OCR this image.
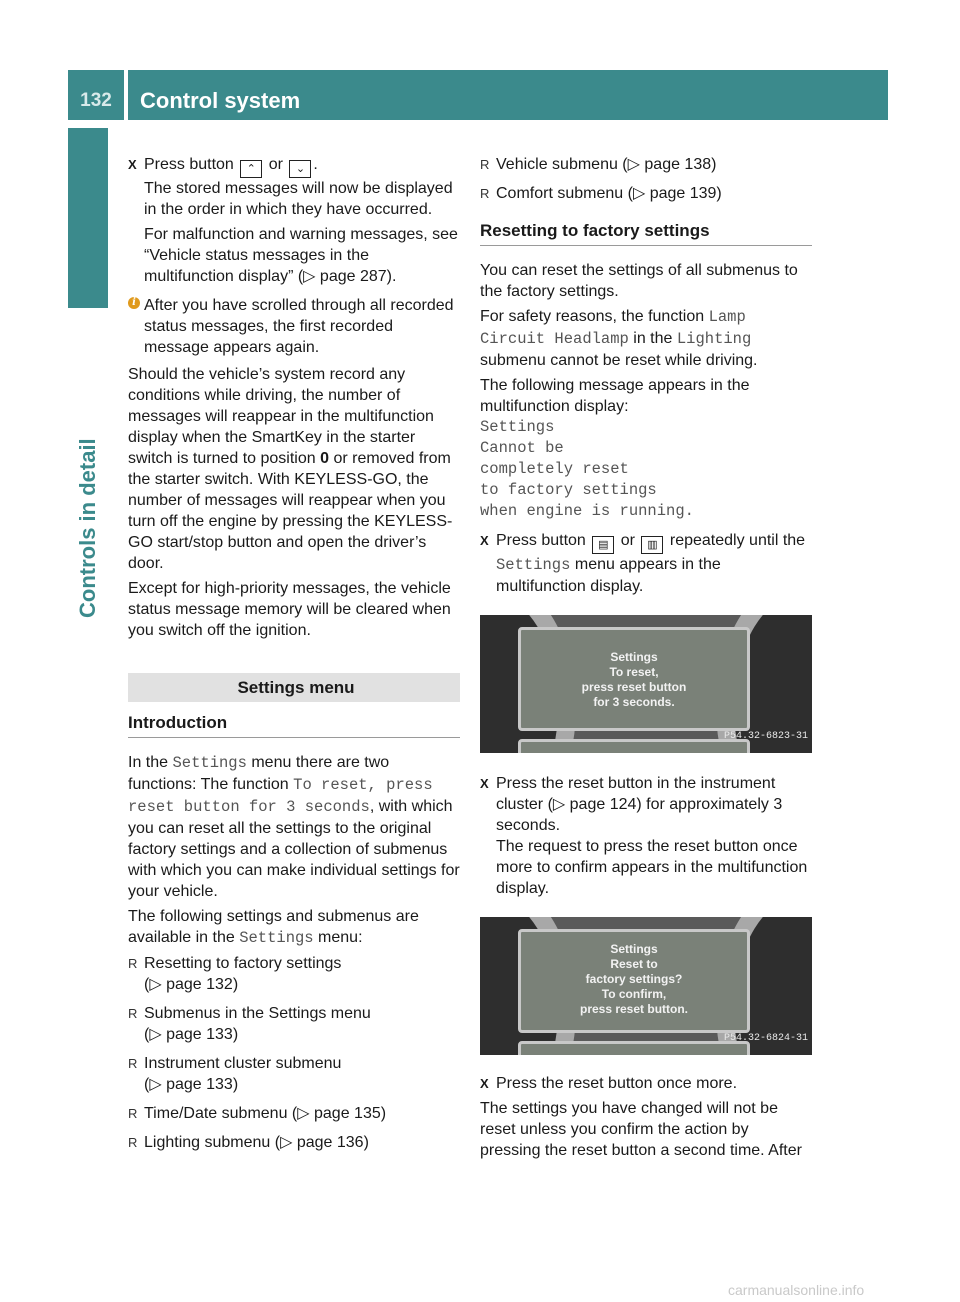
132	Control system
Controls in detail

X Press button ⌃ or ⌄ .
The stored messages will now be displayed in the order in which they have occurred.

For malfunction and warning messages, see “Vehicle status messages in the multifunction display” (▷ page 287).

i After you have scrolled through all recorded status messages, the first recorded message appears again.

Should the vehicle’s system record any conditions while driving, the number of messages will reappear in the multifunction display when the SmartKey in the starter switch is turned to position 0 or removed from the starter switch. With KEYLESS-GO, the number of messages will reappear when you turn off the engine by pressing the KEYLESS-GO start/stop button and open the driver’s door.

Except for high-priority messages, the vehicle status message memory will be cleared when you switch off the ignition.

Settings menu

Introduction

In the Settings menu there are two functions: The function To reset, press reset button for 3 seconds, with which you can reset all the settings to the original factory settings and a collection of submenus with which you can make individual settings for your vehicle.

The following settings and submenus are available in the Settings menu:

R Resetting to factory settings
(▷ page 132)

R Submenus in the Settings menu
(▷ page 133)

R Instrument cluster submenu
(▷ page 133)

R Time/Date submenu (▷ page 135)

R Lighting submenu (▷ page 136)

R Vehicle submenu (▷ page 138)

R Comfort submenu (▷ page 139)

Resetting to factory settings

You can reset the settings of all submenus to the factory settings.

For safety reasons, the function Lamp Circuit Headlamp in the Lighting submenu cannot be reset while driving.

The following message appears in the multifunction display:

Settings
Cannot be
completely reset
to factory settings
when engine is running.

X Press button ▤ or ▥ repeatedly until the Settings menu appears in the multifunction display.

Settings
To reset,
press reset button
for 3 seconds.
P54.32-6823-31

X Press the reset button in the instrument cluster (▷ page 124) for approximately 3 seconds.
The request to press the reset button once more to confirm appears in the multifunction display.

Settings
Reset to
factory settings?
To confirm,
press reset button.
P54.32-6824-31

X Press the reset button once more.

The settings you have changed will not be reset unless you confirm the action by pressing the reset button a second time. After

carmanualsonline.info
